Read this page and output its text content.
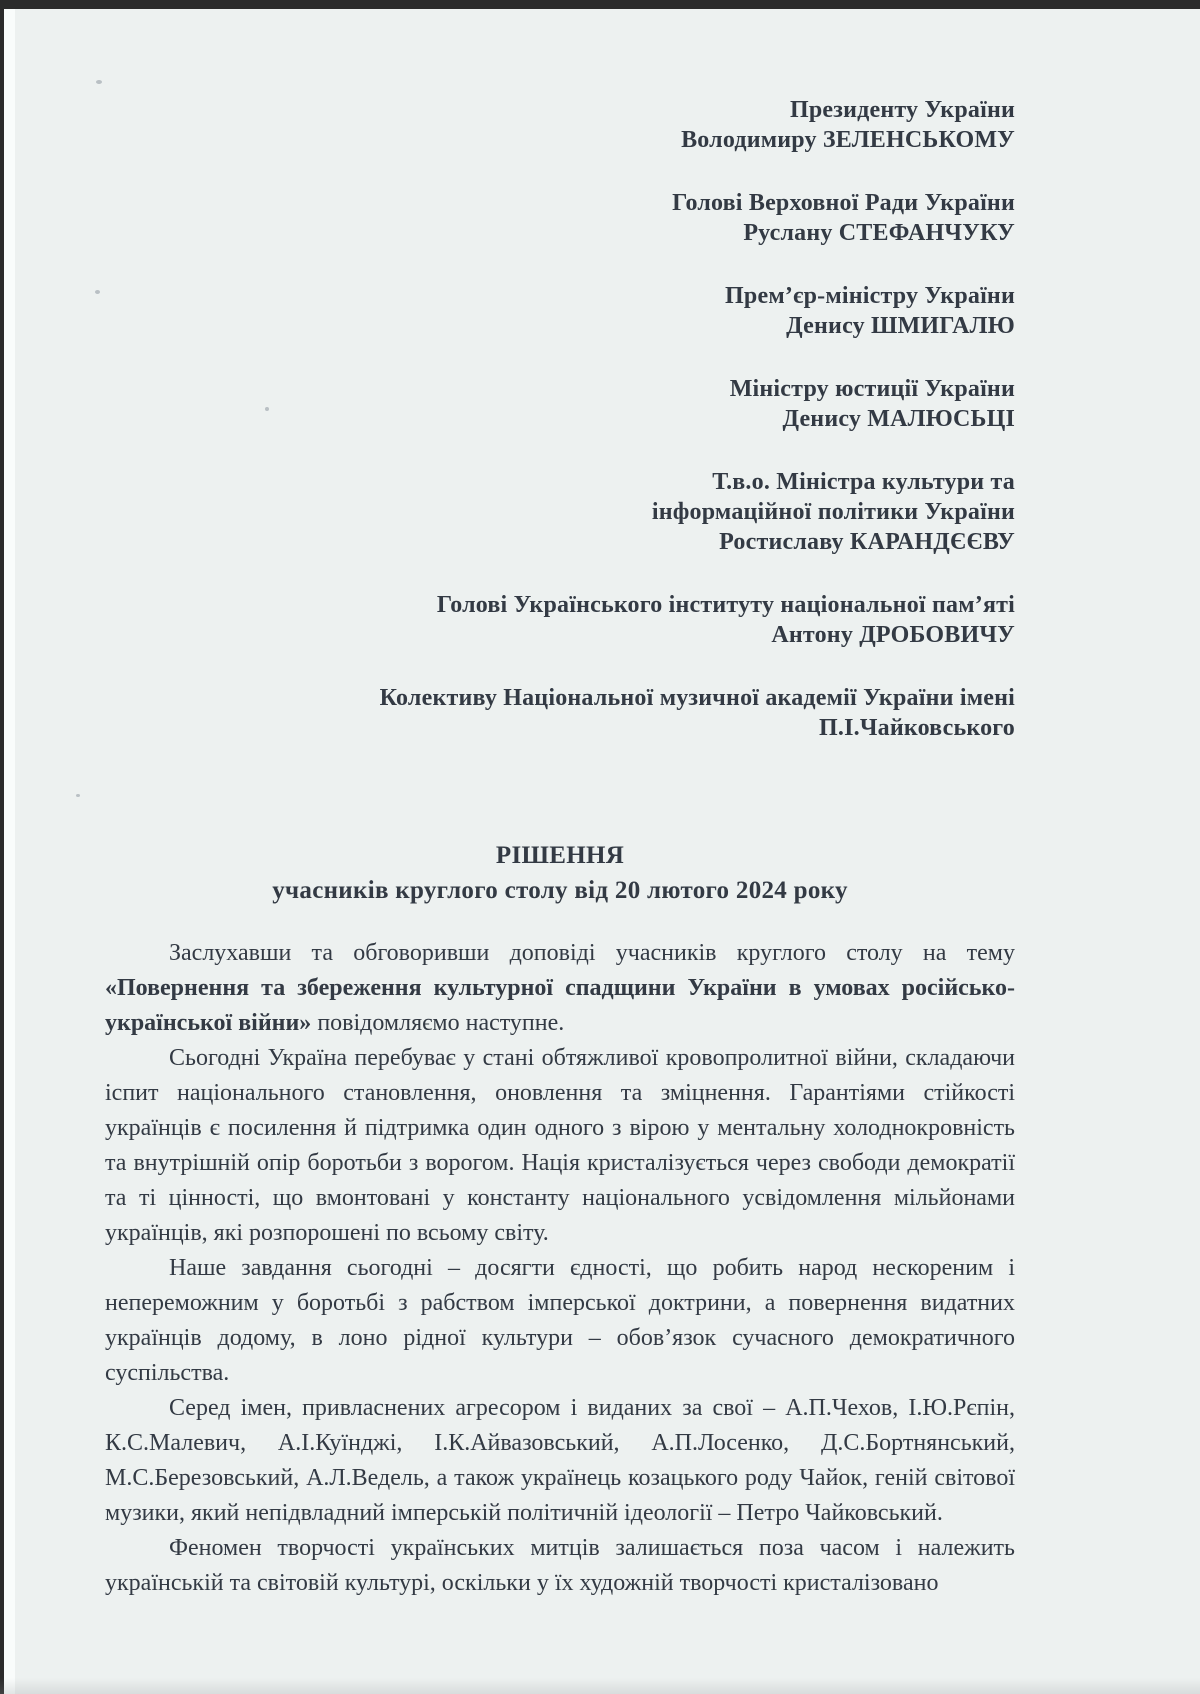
Президенту України
Володимиру ЗЕЛЕНСЬКОМУ
Голові Верховної Ради України
Руслану СТЕФАНЧУКУ
Прем’єр-міністру України
Денису ШМИГАЛЮ
Міністру юстиції України
Денису МАЛЮСЬЦІ
Т.в.о. Міністра культури та
інформаційної політики України
Ростиславу КАРАНДЄЄВУ
Голові Українського інституту національної пам’яті
Антону ДРОБОВИЧУ
Колективу Національної музичної академії України імені
П.І.Чайковського
РІШЕННЯ
учасників круглого столу від 20 лютого 2024 року

Заслухавши та обговоривши доповіді учасників круглого столу на тему «Повернення та збереження культурної спадщини України в умовах російсько-української війни» повідомляємо наступне.

Сьогодні Україна перебуває у стані обтяжливої кровопролитної війни, складаючи іспит національного становлення, оновлення та зміцнення. Гарантіями стійкості українців є посилення й підтримка один одного з вірою у ментальну холоднокровність та внутрішній опір боротьби з ворогом. Нація кристалізується через свободи демократії та ті цінності, що вмонтовані у константу національного усвідомлення мільйонами українців, які розпорошені по всьому світу.

Наше завдання сьогодні – досягти єдності, що робить народ нескореним і непереможним у боротьбі з рабством імперської доктрини, а повернення видатних українців додому, в лоно рідної культури – обов’язок сучасного демократичного суспільства.

Серед імен, привласнених агресором і виданих за свої – А.П.Чехов, І.Ю.Рєпін, К.С.Малевич, А.І.Куїнджі, І.К.Айвазовський, А.П.Лосенко, Д.С.Бортнянський, М.С.Березовський, А.Л.Ведель, а також українець козацького роду Чайок, геній світової музики, який непідвладний імперській політичній ідеології – Петро Чайковський.

Феномен творчості українських митців залишається поза часом і належить українській та світовій культурі, оскільки у їх художній творчості кристалізовано
